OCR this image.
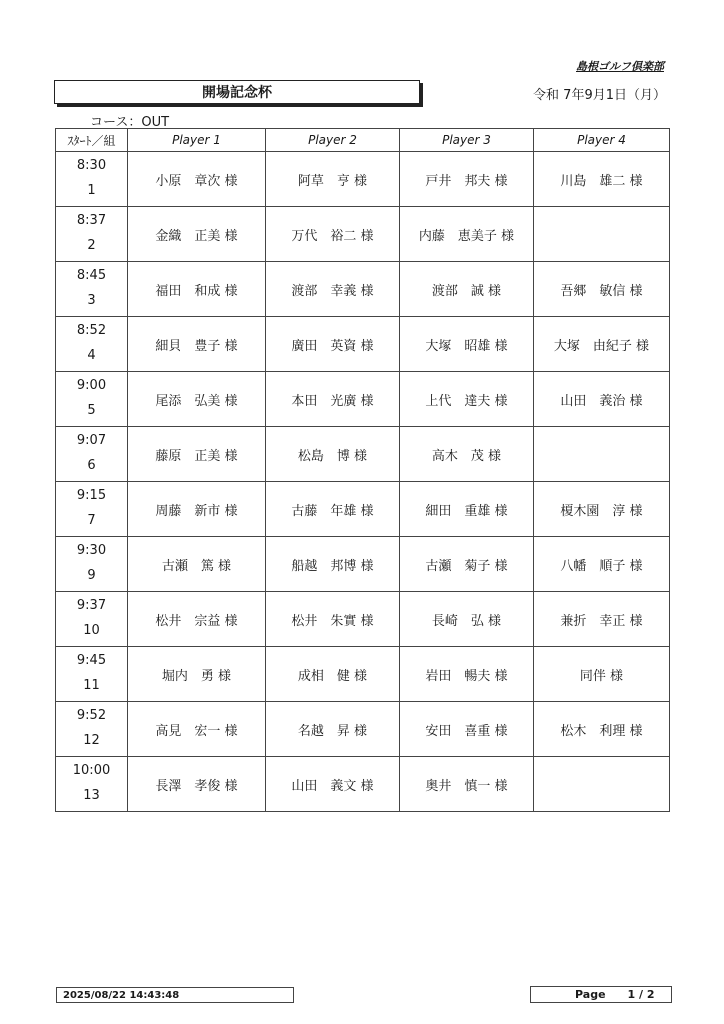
島根ゴルフ倶楽部
開場記念杯	令和 7年9月1日（月）
コース：OUT
ｽﾀｰﾄ／組	Player 1	Player 2	Player 3	Player 4

8:30
1	小原　章次 様	阿草　亨 様	戸井　邦夫 様	川島　雄二 様

8:37
2	金織　正美 様	万代　裕二 様	内藤　恵美子 様	

8:45
3	福田　和成 様	渡部　幸義 様	渡部　誠 様	吾郷　敏信 様

8:52
4	細貝　豊子 様	廣田　英資 様	大塚　昭雄 様	大塚　由紀子 様

9:00
5	尾添　弘美 様	本田　光廣 様	上代　達夫 様	山田　義治 様

9:07
6	藤原　正美 様	松島　博 様	高木　茂 様	

9:15
7	周藤　新市 様	古藤　年雄 様	細田　重雄 様	榎木園　淳 様

9:30
9	古瀬　篤 様	船越　邦博 様	古瀬　菊子 様	八幡　順子 様

9:37
10	松井　宗益 様	松井　朱實 様	長崎　弘 様	兼折　幸正 様

9:45
11	堀内　勇 様	成相　健 様	岩田　暢夫 様	同伴 様

9:52
12	高見　宏一 様	名越　昇 様	安田　喜重 様	松木　利理 様

10:00
13	長澤　孝俊 様	山田　義文 様	奥井　慎一 様	
2025/08/22 14:43:48	Page 1 / 2
